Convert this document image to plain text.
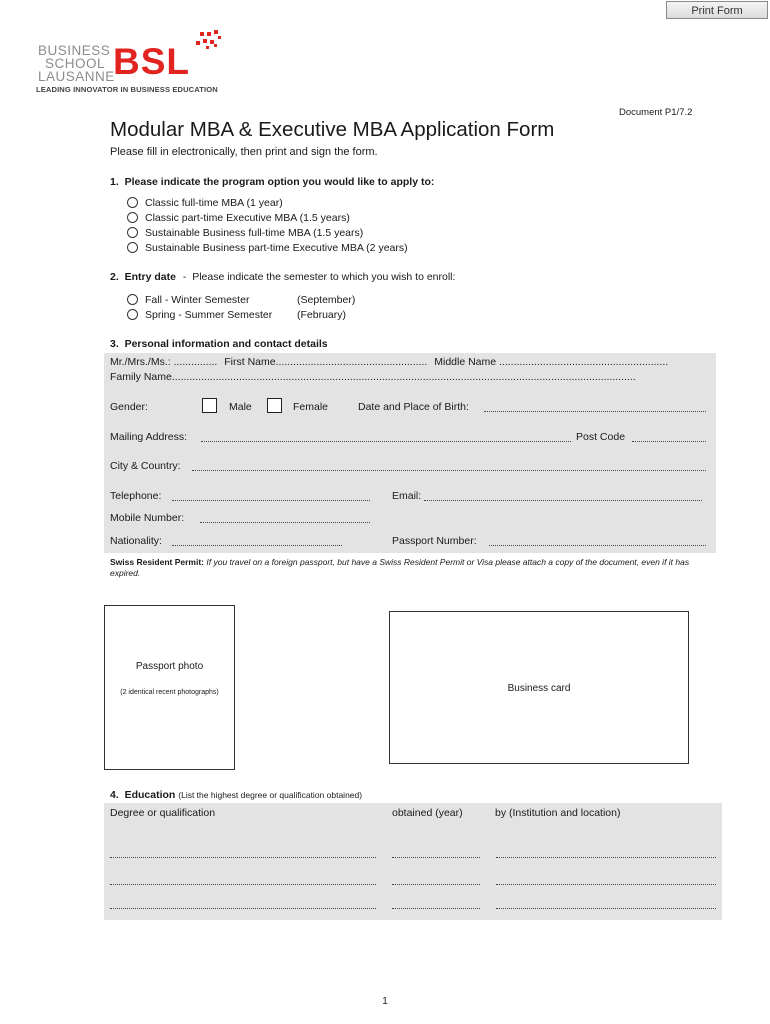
Print Form
BUSINESS
SCHOOL
LAUSANNE
BSL
LEADING INNOVATOR IN BUSINESS EDUCATION
Document P1/7.2
Modular MBA & Executive MBA Application Form
Please fill in electronically, then print and sign the form.
1.  Please indicate the program option you would like to apply to:
Classic full-time MBA (1 year)
Classic part-time Executive MBA (1.5 years)
Sustainable Business full-time MBA (1.5 years)
Sustainable Business part-time Executive MBA (2 years)
2.  Entry date -  Please indicate the semester to which you wish to enroll:
Fall - Winter Semester	(September)
Spring - Summer Semester	(February)
3.  Personal information and contact details
Mr./Mrs./Ms.: ............... First Name.................................................... Middle Name ..........................................................
Family Name...............................................................................................................................................................
Gender:	Male	Female	Date and Place of Birth:
Mailing Address:	Post Code
City & Country:
Telephone:	Email:
Mobile Number:
Nationality:	Passport Number:
Swiss Resident Permit: If you travel on a foreign passport, but have a Swiss Resident Permit or Visa please attach a copy of the document, even if it has expired.
Passport photo
(2 identical recent photographs)	Business card
4.  Education (List the highest degree or qualification obtained)
Degree or qualification	obtained (year)	by (Institution and location)
1
